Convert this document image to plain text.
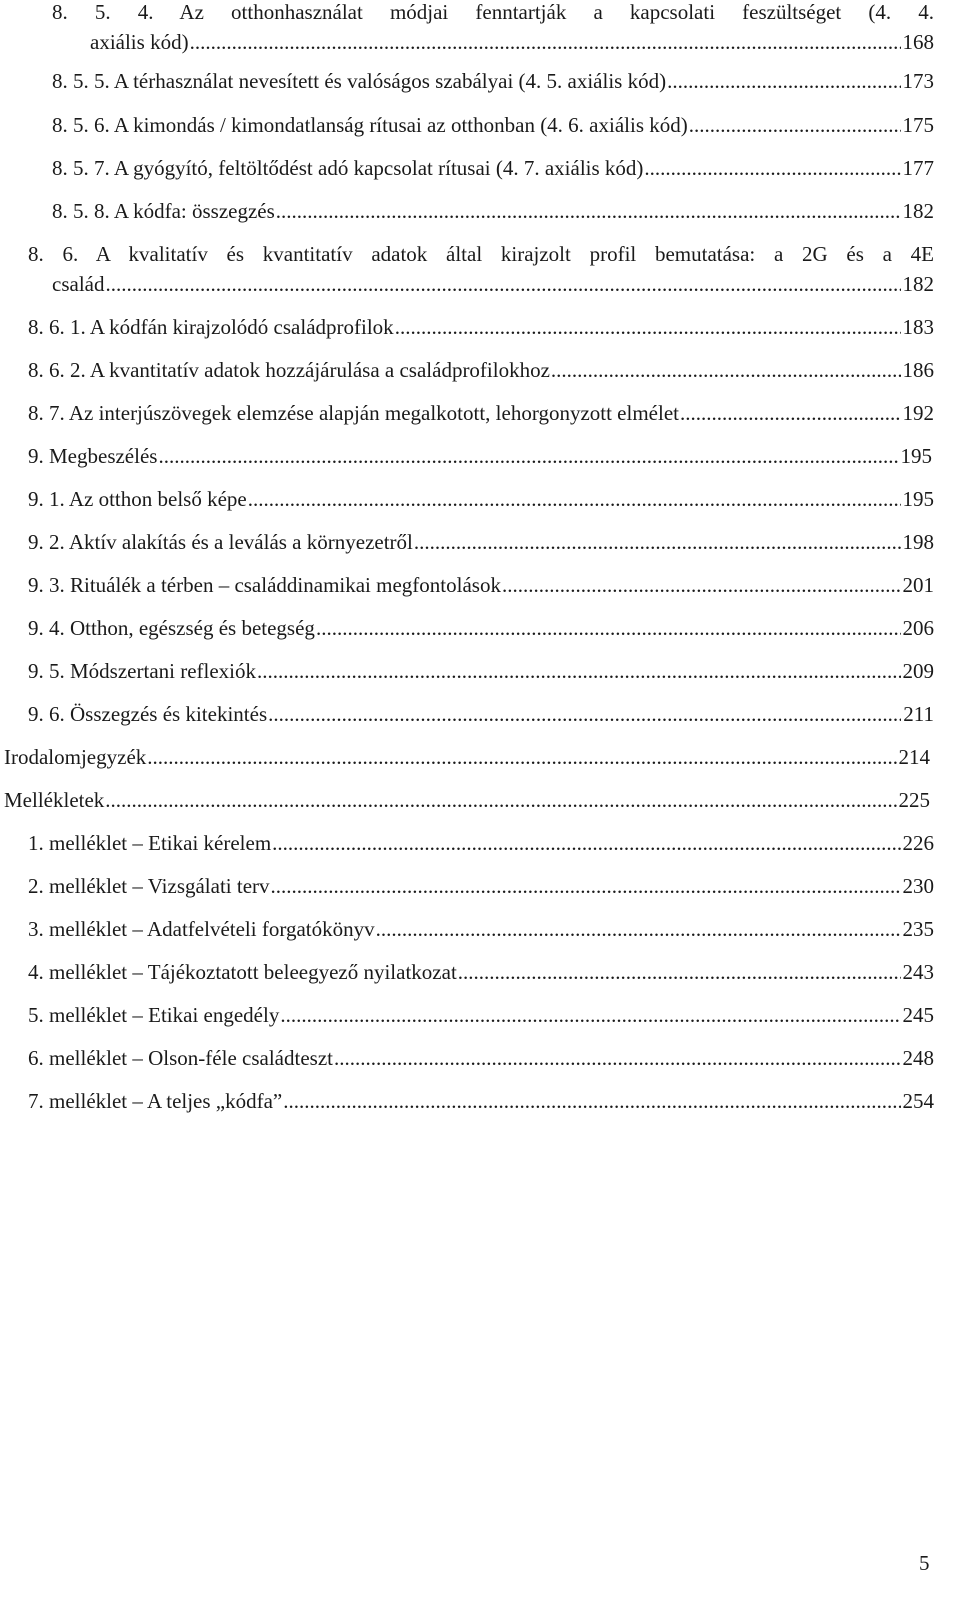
8. 5. 4. Az otthonhasználat módjai fenntartják a kapcsolati feszültséget (4. 4.
axiális kód) .....	168
8. 5. 5. A térhasználat nevesített és valóságos szabályai (4. 5. axiális kód) .....	173
8. 5. 6. A kimondás / kimondatlanság rítusai az otthonban (4. 6. axiális kód) .....	175
8. 5. 7. A gyógyító, feltöltődést adó kapcsolat rítusai (4. 7. axiális kód) .....	177
8. 5. 8. A kódfa: összegzés .....	182
8. 6. A kvalitatív és kvantitatív adatok által kirajzolt profil bemutatása: a 2G és a 4E
család .....	182
8. 6. 1. A kódfán kirajzolódó családprofilok .....	183
8. 6. 2. A kvantitatív adatok hozzájárulása a családprofilokhoz .....	186
8. 7. Az interjúszövegek elemzése alapján megalkotott, lehorgonyzott elmélet .....	192
9. Megbeszélés .....	195
9. 1. Az otthon belső képe .....	195
9. 2. Aktív alakítás és a leválás a környezetről .....	198
9. 3. Rituálék a térben – családdinamikai megfontolások .....	201
9. 4. Otthon, egészség és betegség .....	206
9. 5. Módszertani reflexiók .....	209
9. 6. Összegzés és kitekintés .....	211
Irodalomjegyzék .....	214
Mellékletek .....	225
1. melléklet – Etikai kérelem .....	226
2. melléklet – Vizsgálati terv .....	230
3. melléklet – Adatfelvételi forgatókönyv .....	235
4. melléklet – Tájékoztatott beleegyező nyilatkozat .....	243
5. melléklet – Etikai engedély .....	245
6. melléklet – Olson-féle családteszt .....	248
7. melléklet – A teljes „kódfa” .....	254
5
